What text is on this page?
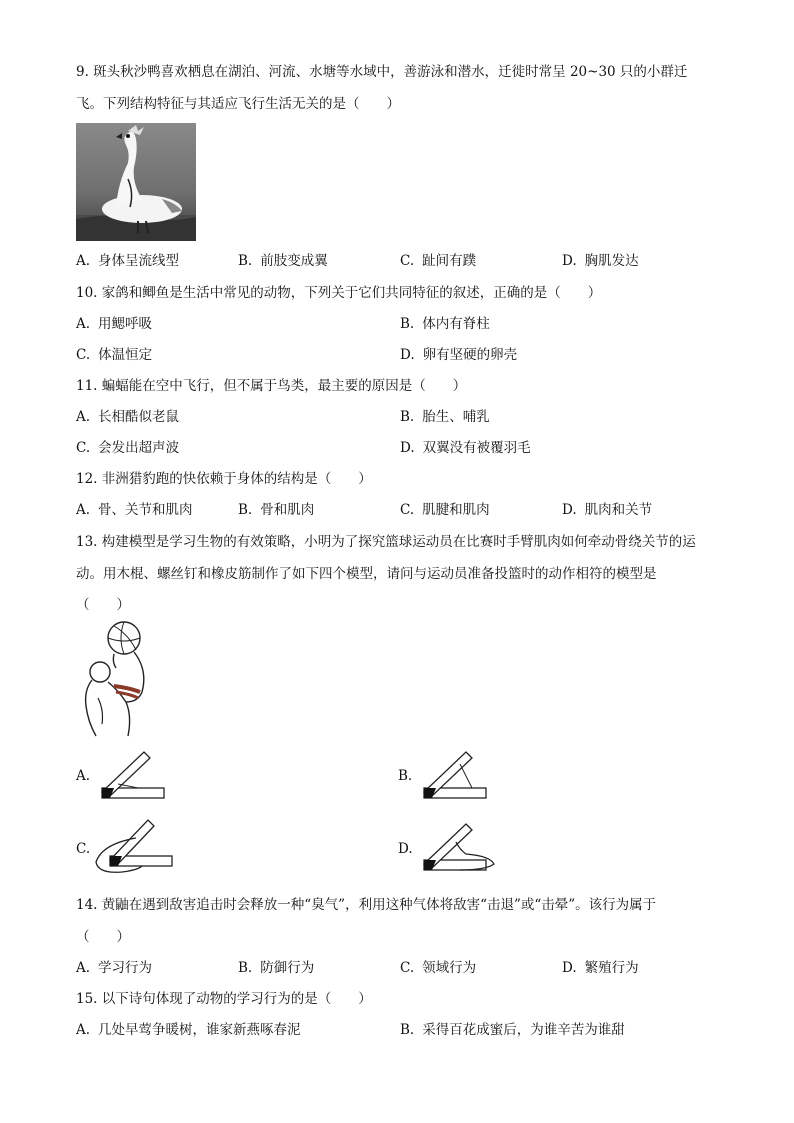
9. 斑头秋沙鸭喜欢栖息在湖泊、河流、水塘等水域中，善游泳和潜水，迁徙时常呈 20~30 只的小群迁
飞。下列结构特征与其适应飞行生活无关的是（　　）
A. 身体呈流线型	B. 前肢变成翼	C. 趾间有蹼	D. 胸肌发达
10. 家鸽和鲫鱼是生活中常见的动物，下列关于它们共同特征的叙述，正确的是（　　）
A. 用鳃呼吸	B. 体内有脊柱
C. 体温恒定	D. 卵有坚硬的卵壳
11. 蝙蝠能在空中飞行，但不属于鸟类，最主要的原因是（　　）
A. 长相酷似老鼠	B. 胎生、哺乳
C. 会发出超声波	D. 双翼没有被覆羽毛
12. 非洲猎豹跑的快依赖于身体的结构是（　　）
A. 骨、关节和肌肉	B. 骨和肌肉	C. 肌腱和肌肉	D. 肌肉和关节
13. 构建模型是学习生物的有效策略，小明为了探究篮球运动员在比赛时手臂肌肉如何牵动骨绕关节的运
动。用木棍、螺丝钉和橡皮筋制作了如下四个模型，请问与运动员准备投篮时的动作相符的模型是
（　　）
A.	B.
C.	D.
14. 黄鼬在遇到敌害追击时会释放一种“臭气”，利用这种气体将敌害“击退”或“击晕”。该行为属于
（　　）
A. 学习行为	B. 防御行为	C. 领域行为	D. 繁殖行为
15. 以下诗句体现了动物的学习行为的是（　　）
A. 几处早莺争暖树，谁家新燕啄春泥	B. 采得百花成蜜后，为谁辛苦为谁甜
